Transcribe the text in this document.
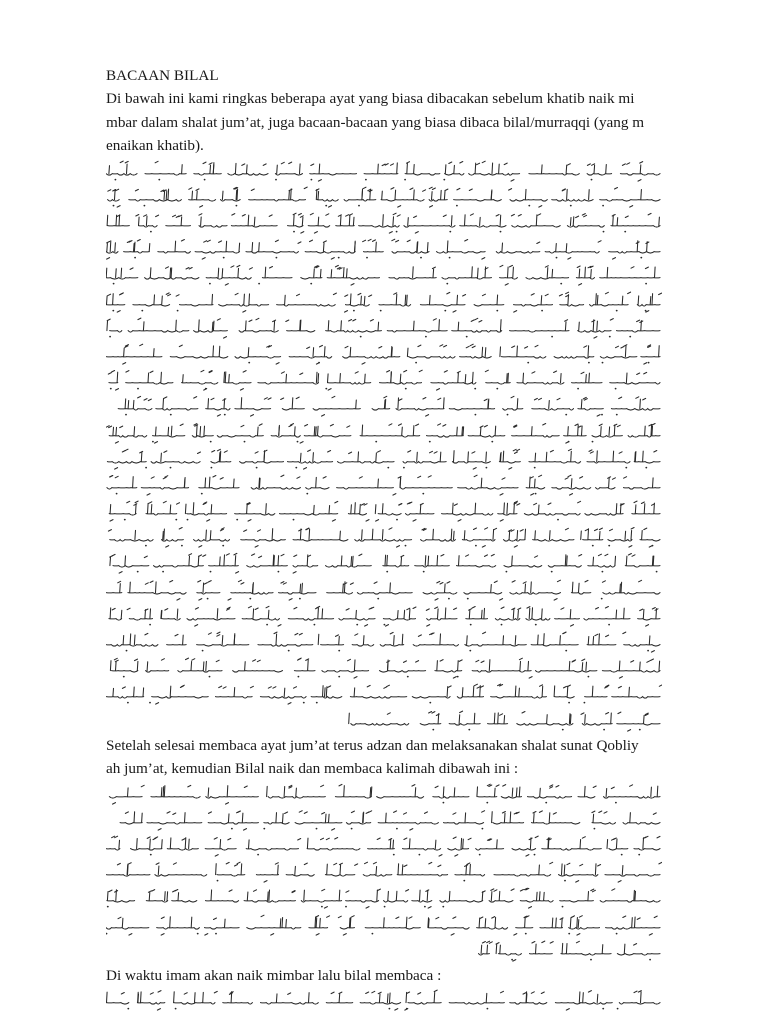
BACAAN BILAL

Di bawah ini kami ringkas beberapa ayat yang biasa dibacakan sebelum khatib naik mi

mbar dalam shalat jum’at, juga bacaan-bacaan yang biasa dibaca bilal/murraqqi (yang m

enaikan khatib).

Setelah selesai membaca ayat jum’at terus adzan dan melaksanakan shalat sunat Qobliy

ah jum’at, kemudian Bilal naik dan membaca kalimah dibawah ini :

Di waktu imam akan naik mimbar lalu bilal membaca :
